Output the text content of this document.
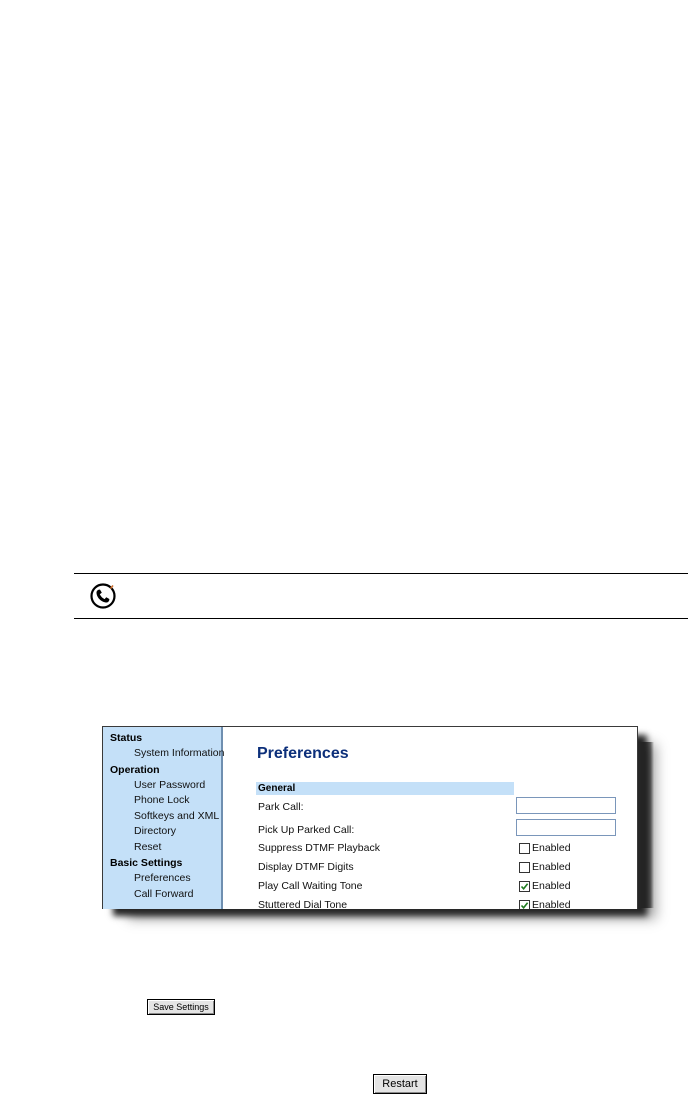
Status
System Information
Operation
User Password
Phone Lock
Softkeys and XML
Directory
Reset
Basic Settings
Preferences
Call Forward
Preferences
General
Park Call:
Pick Up Parked Call:
Suppress DTMF Playback	Enabled
Display DTMF Digits	Enabled
Play Call Waiting Tone	Enabled
Stuttered Dial Tone	Enabled
Save Settings
Restart
